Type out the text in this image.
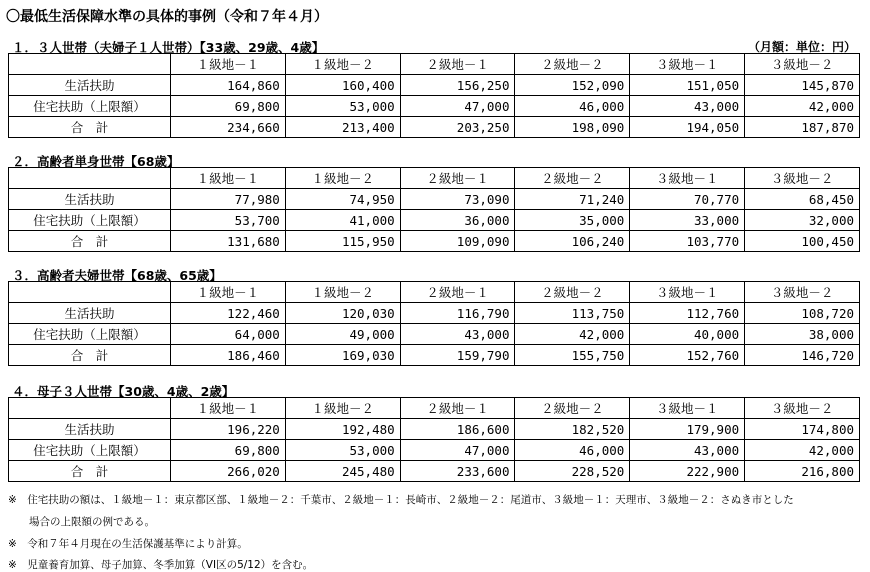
〇最低生活保障水準の具体的事例（令和７年４月）
（月額：単位：円）
１．３人世帯（夫婦子１人世帯）【33歳、29歳、4歳】
	１級地－１	１級地－２	２級地－１	２級地－２	３級地－１	３級地－２
生活扶助	164,860	160,400	156,250	152,090	151,050	145,870
住宅扶助（上限額）	69,800	53,000	47,000	46,000	43,000	42,000
合　計	234,660	213,400	203,250	198,090	194,050	187,870
２．高齢者単身世帯【68歳】
	１級地－１	１級地－２	２級地－１	２級地－２	３級地－１	３級地－２
生活扶助	77,980	74,950	73,090	71,240	70,770	68,450
住宅扶助（上限額）	53,700	41,000	36,000	35,000	33,000	32,000
合　計	131,680	115,950	109,090	106,240	103,770	100,450
３．高齢者夫婦世帯【68歳、65歳】
	１級地－１	１級地－２	２級地－１	２級地－２	３級地－１	３級地－２
生活扶助	122,460	120,030	116,790	113,750	112,760	108,720
住宅扶助（上限額）	64,000	49,000	43,000	42,000	40,000	38,000
合　計	186,460	169,030	159,790	155,750	152,760	146,720
４．母子３人世帯【30歳、4歳、2歳】
	１級地－１	１級地－２	２級地－１	２級地－２	３級地－１	３級地－２
生活扶助	196,220	192,480	186,600	182,520	179,900	174,800
住宅扶助（上限額）	69,800	53,000	47,000	46,000	43,000	42,000
合　計	266,020	245,480	233,600	228,520	222,900	216,800
※　住宅扶助の額は、１級地－１：東京都区部、１級地－２：千葉市、２級地－１：長崎市、２級地－２：尾道市、３級地－１：天理市、３級地－２：さぬき市とした
　　場合の上限額の例である。
※　令和７年４月現在の生活保護基準により計算。
※　児童養育加算、母子加算、冬季加算（VI区の5/12）を含む。
